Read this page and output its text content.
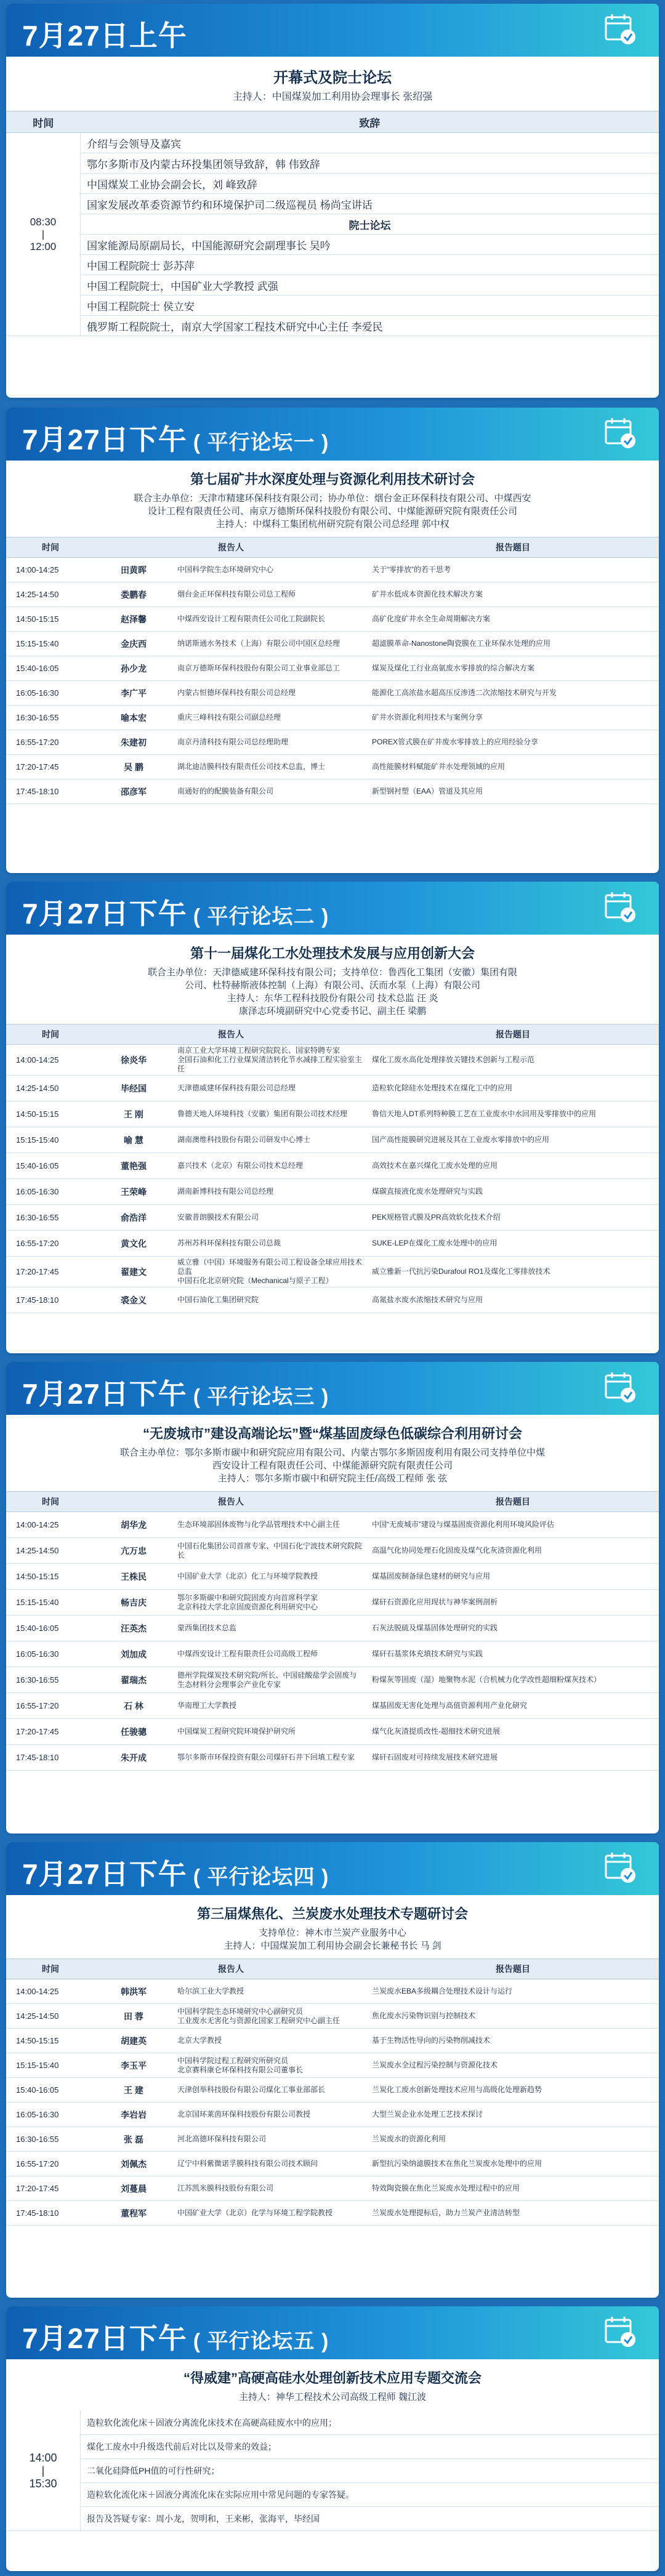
7月27日上午
开幕式及院士论坛
主持人：中国煤炭加工利用协会理事长 张绍强
时间	致辞
08:30
|
12:00	介绍与会领导及嘉宾
	鄂尔多斯市及内蒙古环投集团领导致辞，韩 伟致辞
	中国煤炭工业协会副会长，刘 峰致辞
	国家发展改革委资源节约和环境保护司二级巡视员 杨尚宝讲话
	院士论坛
	国家能源局原副局长，中国能源研究会副理事长 吴吟
	中国工程院院士 彭苏萍
	中国工程院院士，中国矿业大学教授 武强
	中国工程院院士 侯立安
	俄罗斯工程院院士，南京大学国家工程技术研究中心主任 李爱民
7月27日下午 ( 平行论坛一 )
第七届矿井水深度处理与资源化利用技术研讨会
联合主办单位：天津市精建环保科技有限公司；协办单位：烟台金正环保科技有限公司、中煤西安
设计工程有限责任公司、南京万德斯环保科技股份有限公司、中煤能源研究院有限责任公司
主持人：中煤科工集团杭州研究院有限公司总经理 郭中权
时间	报告人		报告题目
14:00-14:25	田黄晖	中国科学院生态环境研究中心	关于“零排放”的若干思考
14:25-14:50	娄鹏春	烟台金正环保科技有限公司总工程师	矿井水低成本资源化技术解决方案
14:50-15:15	赵泽馨	中煤西安设计工程有限责任公司化工院副院长	高矿化度矿井水全生命周期解决方案
15:15-15:40	金庆西	纳诺斯通水务技术（上海）有限公司中国区总经理	超滤膜革命-Nanostone陶瓷膜在工业环保水处理的应用
15:40-16:05	孙少龙	南京万德斯环保科技股份有限公司工业事业部总工	煤炭及煤化工行业高氨废水零排放的综合解决方案
16:05-16:30	李广平	内蒙古恒德环保科技有限公司总经理	能源化工高浓盐水超高压反渗透二次浓缩技术研究与开发
16:30-16:55	喻本宏	重庆三峰科技有限公司副总经理	矿井水资源化利用技术与案例分享
16:55-17:20	朱建初	南京丹清科技有限公司总经理助理	POREX管式膜在矿井废水零排放上的应用经验分享
17:20-17:45	吴 鹏	湖北迪洁膜科技有限责任公司技术总监，博士	高性能膜材料赋能矿井水处理领域的应用
17:45-18:10	邵彦军	南通好的的配膜装备有限公司	新型钢衬塑（EAA）管道及其应用
7月27日下午 ( 平行论坛二 )
第十一届煤化工水处理技术发展与应用创新大会
联合主办单位：天津德威建环保科技有限公司；支持单位：鲁西化工集团（安徽）集团有限
公司、杜特赫斯液体控制（上海）有限公司、沃而水泵（上海）有限公司
主持人：东华工程科技股份有限公司 技术总监 汪 炎
康泽志环境副研究中心党委书记、副主任 梁鹏
时间	报告人		报告题目
14:00-14:25	徐炎华	南京工业大学环境工程研究院院长、国家特聘专家
全国石油和化工行业煤炭清洁转化节水减排工程实验室主任	煤化工废水高化处理排放关键技术创新与工程示范
14:25-14:50	毕经国	天津德威建环保科技有限公司总经理	造粒软化除硅水处理技术在煤化工中的应用
14:50-15:15	王 刚	鲁德天地人环境科技（安徽）集团有限公司技术经理	鲁信天地人DT系列特种膜工艺在工业废水中水回用及零排放中的应用
15:15-15:40	喻 慧	湖南澳维科技股份有限公司研发中心博士	国产高性能膜研究进展及其在工业废水零排放中的应用
15:40-16:05	董艳强	嘉兴技术（北京）有限公司技术总经理	高效技术在嘉兴煤化工废水处理的应用
16:05-16:30	王荣峰	湖南新博科技有限公司总经理	煤碳直接液化废水处理研究与实践
16:30-16:55	俞浩洋	安徽普朗膜技术有限公司	PEK规格管式膜及PR高效软化技术介绍
16:55-17:20	黄文化	苏州苏科环保科技有限公司总裁	SUKE-LEP在煤化工废水处理中的应用
17:20-17:45	翟建文	威立雅（中国）环境服务有限公司工程设备全球应用技术总监
中国石化北京研究院（Mechanical与原子工程）	威立雅新一代抗污染Durafoul RO1及煤化工零排放技术
17:45-18:10	裘金义	中国石油化工集团研究院	高氮盐水废水浓缩技术研究与应用
7月27日下午 ( 平行论坛三 )
“无废城市”建设高端论坛”暨“煤基固废绿色低碳综合利用研讨会
联合主办单位：鄂尔多斯市碳中和研究院应用有限公司、内蒙古鄂尔多斯固废利用有限公司支持单位中煤
西安设计工程有限责任公司、中煤能源研究院有限责任公司
主持人：鄂尔多斯市碳中和研究院主任/高级工程师 张 弦
时间	报告人		报告题目
14:00-14:25	胡华龙	生态环境部固体废物与化学品管理技术中心副主任	中国“无废城市”建设与煤基固废资源化利用环境风险评估
14:25-14:50	亢万忠	中国石化集团公司首席专家、中国石化宁波技术研究院院长	高温气化协同处理石化固废及煤气化灰渣资源化利用
14:50-15:15	王株民	中国矿业大学（北京）化工与环境学院教授	煤基固废制备绿色建材的研究与应用
15:15-15:40	畅吉庆	鄂尔多斯碳中和研究院固废方向首席科学家
北京科技大学北京固废资源化利用研究中心	煤矸石资源化应用现状与神华案例剖析
15:40-16:05	汪英杰	蒙西集团技术总监	石灰法脱硫及煤基固体处理研究的实践
16:05-16:30	刘加成	中煤西安设计工程有限责任公司高级工程师	煤矸石基浆体充填技术研究与实践
16:30-16:55	翟瑞杰	德州学院煤炭技术研究院/所长、中国硅酸盐学会固废与生态材料分会理事会产业化专家	粉煤灰等固废（湿）地聚物水泥（合机械力化学改性超细粉煤灰技术）
16:55-17:20	石 林	华南理工大学教授	煤基固废无害化处理与高值资源利用产业化研究
17:20-17:45	任骏骢	中国煤炭工程研究院环境保护研究所	煤气化灰渣提质改性-超细技术研究进展
17:45-18:10	朱开成	鄂尔多斯市环保投资有限公司煤矸石井下回填工程专家	煤矸石固废对可持续发展技术研究进展
7月27日下午 ( 平行论坛四 )
第三届煤焦化、兰炭废水处理技术专题研讨会
支持单位：神木市兰炭产业服务中心
主持人：中国煤炭加工利用协会副会长兼秘书长 马 剑
时间	报告人		报告题目
14:00-14:25	韩洪军	哈尔滨工业大学教授	兰炭废水EBA多级耦合处理技术设计与运行
14:25-14:50	田 蓉	中国科学院生态环境研究中心副研究员
工业废水无害化与资源化国家工程研究中心副主任	焦化废水污染物识别与控制技术
14:50-15:15	胡建英	北京大学教授	基于生物活性导向的污染物削减技术
15:15-15:40	李玉平	中国科学院过程工程研究所研究员
北京赛科康仑环保科技有限公司董事长	兰炭废水全过程污染控制与资源化技术
15:40-16:05	王 建	天津创举科技股份有限公司煤化工事业部部长	兰炭化工废水创新处理技术应用与高级化处理新趋势
16:05-16:30	李岩岩	北京国环莱茵环保科技股份有限公司教授	大型兰炭企业水处理工艺技术探讨
16:30-16:55	张 磊	河北高德环保科技有限公司	兰炭废水的资源化利用
16:55-17:20	刘佩杰	辽宁中科紫微诺孚膜科技有限公司技术顾问	新型抗污染纳滤膜技术在焦化兰炭废水处理中的应用
17:20-17:45	刘蔓晨	江苏凯米膜科技股份有限公司	特效陶瓷膜在焦化兰炭废水处理过程中的应用
17:45-18:10	董程军	中国矿业大学（北京）化学与环境工程学院教授	兰炭废水处理提标后，助力兰炭产业清洁转型
7月27日下午 ( 平行论坛五 )
“得威建”高硬高硅水处理创新技术应用专题交流会
主持人：神华工程技术公司高级工程师 魏江波
14:00
|
15:30	造粒软化流化床＋固液分离流化床技术在高硬高硅废水中的应用；
煤化工废水中升级迭代前后对比以及带来的效益；
二氧化硅降低PH值的可行性研究；
造粒软化流化床＋固液分离流化床在实际应用中常见问题的专家答疑。
报告及答疑专家：周小龙，贺明和，王来彬，张海平，毕经国
